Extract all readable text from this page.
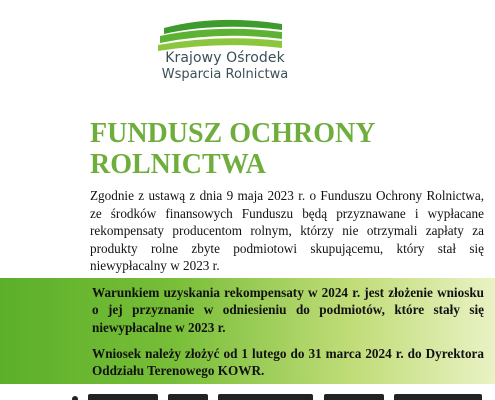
Krajowy Ośrodek
Wsparcia Rolnictwa
FUNDUSZ OCHRONY
ROLNICTWA

Zgodnie z ustawą z dnia 9 maja 2023 r. o Funduszu Ochrony Rolnictwa, ze środków finansowych Funduszu będą przyznawane i wypłacane rekompensaty producentom rolnym, którzy nie otrzymali zapłaty za produkty rolne zbyte podmiotowi skupującemu, który stał się niewypłacalny w 2023 r.

Warunkiem uzyskania rekompensaty w 2024 r. jest złożenie wniosku o jej przyznanie w odniesieniu do podmiotów, które stały się niewypłacalne w 2023 r.

Wniosek należy złożyć od 1 lutego do 31 marca 2024 r. do Dyrektora Oddziału Terenowego KOWR.
